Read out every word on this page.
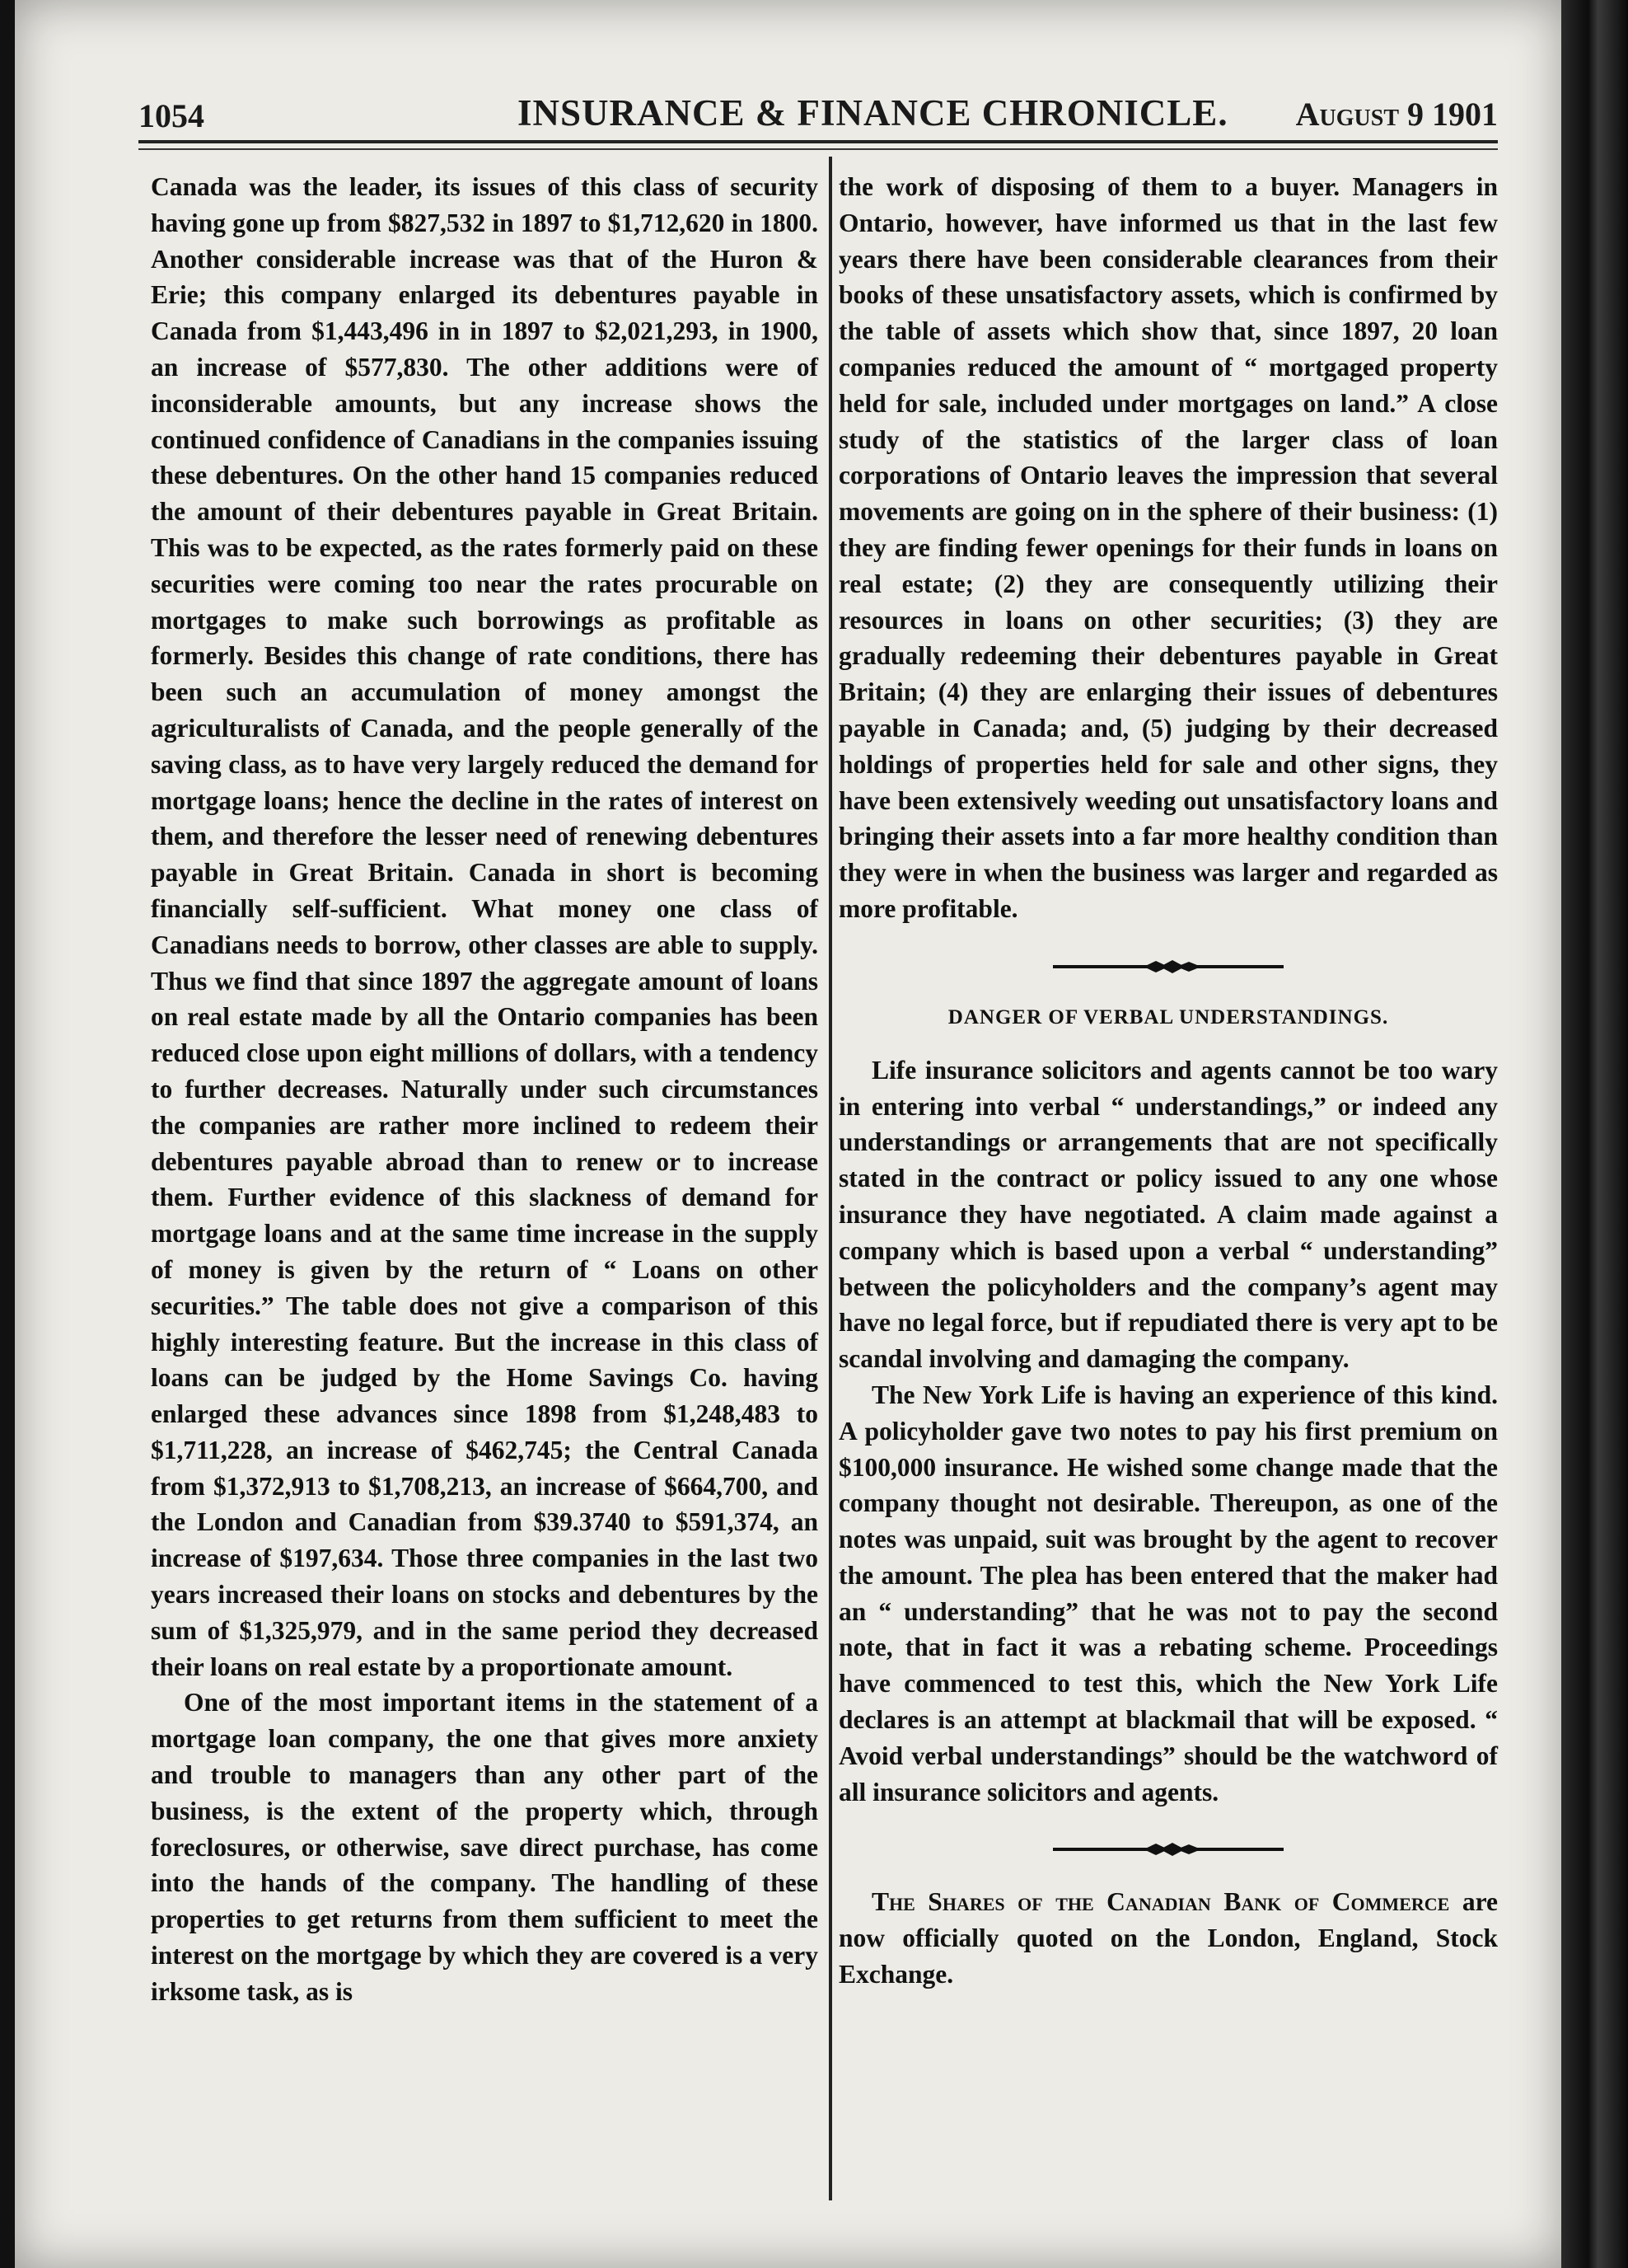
1054	INSURANCE & FINANCE CHRONICLE. August 9 1901

Canada was the leader, its issues of this class of security having gone up from $827,532 in 1897 to $1,712,620 in 1800. Another considerable increase was that of the Huron & Erie; this company enlarged its debentures payable in Canada from $1,443,496 in in 1897 to $2,021,293, in 1900, an increase of $577,830. The other additions were of inconsiderable amounts, but any increase shows the continued confidence of Canadians in the companies issuing these debentures. On the other hand 15 companies reduced the amount of their debentures payable in Great Britain. This was to be expected, as the rates formerly paid on these securities were coming too near the rates procurable on mortgages to make such borrowings as profitable as formerly. Besides this change of rate conditions, there has been such an accumulation of money amongst the agriculturalists of Canada, and the people generally of the saving class, as to have very largely reduced the demand for mortgage loans; hence the decline in the rates of interest on them, and therefore the lesser need of renewing debentures payable in Great Britain. Canada in short is becoming financially self-sufficient. What money one class of Canadians needs to borrow, other classes are able to supply. Thus we find that since 1897 the aggregate amount of loans on real estate made by all the Ontario companies has been reduced close upon eight millions of dollars, with a tendency to further decreases. Naturally under such circumstances the companies are rather more inclined to redeem their debentures payable abroad than to renew or to increase them. Further evidence of this slackness of demand for mortgage loans and at the same time increase in the supply of money is given by the return of “ Loans on other securities.” The table does not give a comparison of this highly interesting feature. But the increase in this class of loans can be judged by the Home Savings Co. having enlarged these advances since 1898 from $1,248,483 to $1,711,228, an increase of $462,745; the Central Canada from $1,372,913 to $1,708,213, an increase of $664,700, and the London and Canadian from $39.3740 to $591,374, an increase of $197,634. Those three companies in the last two years increased their loans on stocks and debentures by the sum of $1,325,979, and in the same period they decreased their loans on real estate by a proportionate amount.

One of the most important items in the statement of a mortgage loan company, the one that gives more anxiety and trouble to managers than any other part of the business, is the extent of the property which, through foreclosures, or otherwise, save direct purchase, has come into the hands of the company. The handling of these properties to get returns from them sufficient to meet the interest on the mortgage by which they are covered is a very irksome task, as is

the work of disposing of them to a buyer. Managers in Ontario, however, have informed us that in the last few years there have been considerable clearances from their books of these unsatisfactory assets, which is confirmed by the table of assets which show that, since 1897, 20 loan companies reduced the amount of “ mortgaged property held for sale, included under mortgages on land.” A close study of the statistics of the larger class of loan corporations of Ontario leaves the impression that several movements are going on in the sphere of their business: (1) they are finding fewer openings for their funds in loans on real estate; (2) they are consequently utilizing their resources in loans on other securities; (3) they are gradually redeeming their debentures payable in Great Britain; (4) they are enlarging their issues of debentures payable in Canada; and, (5) judging by their decreased holdings of properties held for sale and other signs, they have been extensively weeding out unsatisfactory loans and bringing their assets into a far more healthy condition than they were in when the business was larger and regarded as more profitable.

DANGER OF VERBAL UNDERSTANDINGS.

Life insurance solicitors and agents cannot be too wary in entering into verbal “ understandings,” or indeed any understandings or arrangements that are not specifically stated in the contract or policy issued to any one whose insurance they have negotiated. A claim made against a company which is based upon a verbal “ understanding” between the policyholders and the company’s agent may have no legal force, but if repudiated there is very apt to be scandal involving and damaging the company.

The New York Life is having an experience of this kind. A policyholder gave two notes to pay his first premium on $100,000 insurance. He wished some change made that the company thought not desirable. Thereupon, as one of the notes was unpaid, suit was brought by the agent to recover the amount. The plea has been entered that the maker had an “ understanding” that he was not to pay the second note, that in fact it was a rebating scheme. Proceedings have commenced to test this, which the New York Life declares is an attempt at blackmail that will be exposed. “ Avoid verbal understandings” should be the watchword of all insurance solicitors and agents.

The Shares of the Canadian Bank of Commerce are now officially quoted on the London, England, Stock Exchange.
